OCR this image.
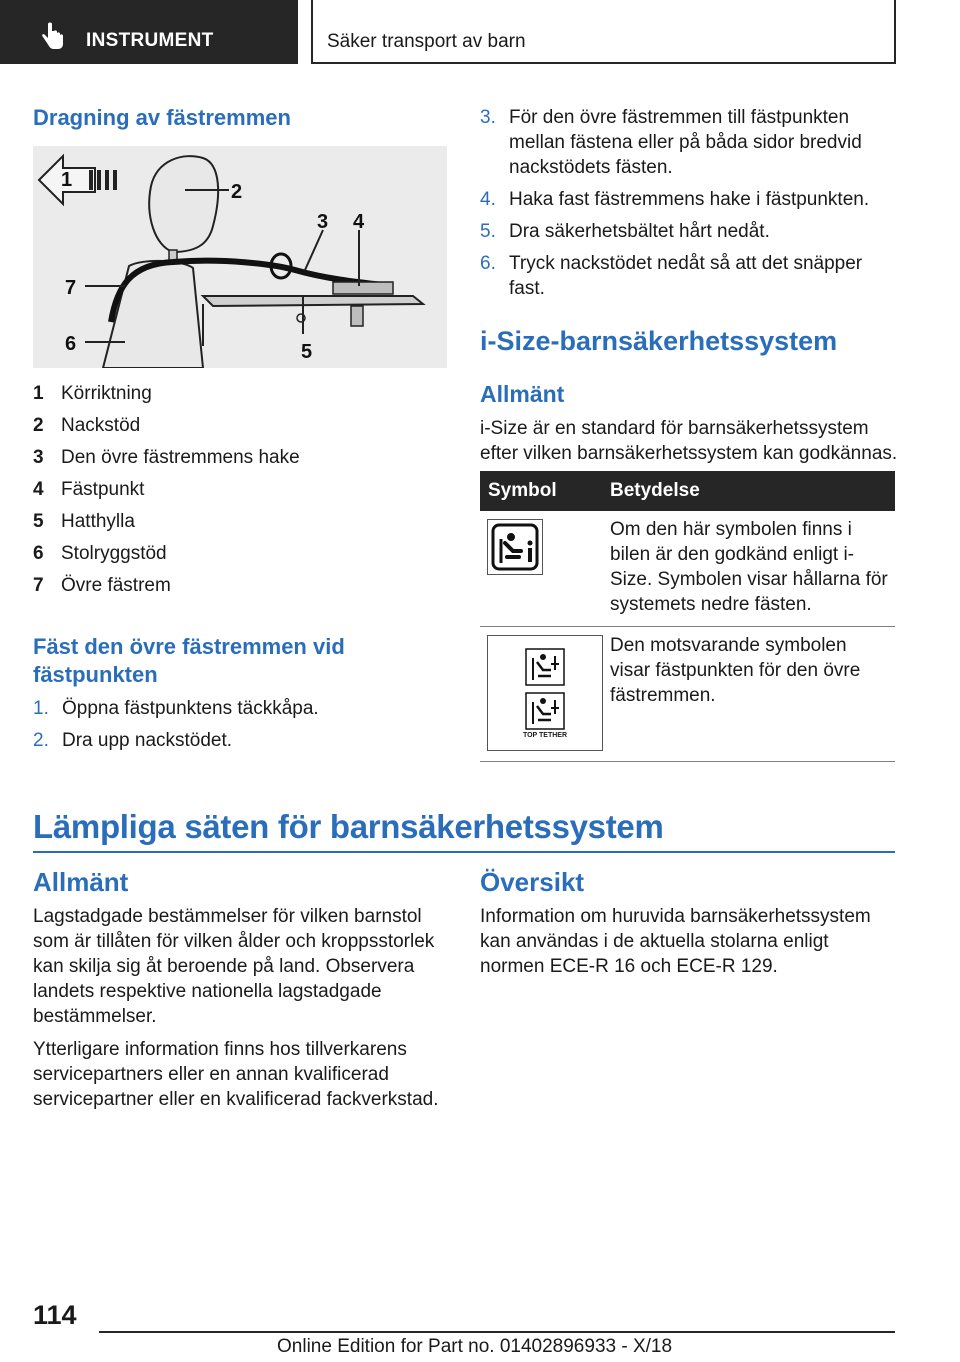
INSTRUMENT	Säker transport av barn
Dragning av fästremmen
1
2
3 4
5
6
7
1 Körriktning
2 Nackstöd
3 Den övre fästremmens hake
4 Fästpunkt
5 Hatthylla
6 Stolryggstöd
7 Övre fästrem
Fäst den övre fästremmen vid
fästpunkten
1. Öppna fästpunktens täckkåpa.
2. Dra upp nackstödet.
3. För den övre fästremmen till fästpunkten mellan fästena eller på båda sidor bredvid nackstödets fästen.
4. Haka fast fästremmens hake i fästpunkten.
5. Dra säkerhetsbältet hårt nedåt.
6. Tryck nackstödet nedåt så att det snäpper fast.
i-Size-barnsäkerhetssystem
Allmänt
i-Size är en standard för barnsäkerhetssystem efter vilken barnsäkerhetssystem kan godkännas.
Symbol	Betydelse
Om den här symbolen finns i bilen är den godkänd enligt i-Size. Symbolen visar hållarna för systemets nedre fästen.
TOP TETHER
Den motsvarande symbolen visar fästpunkten för den övre fästremmen.
Lämpliga säten för barnsäkerhetssystem
Allmänt
Lagstadgade bestämmelser för vilken barnstol som är tillåten för vilken ålder och kroppsstorlek kan skilja sig åt beroende på land. Observera landets respektive nationella lagstadgade bestämmelser.
Ytterligare information finns hos tillverkarens servicepartners eller en annan kvalificerad servicepartner eller en kvalificerad fackverkstad.
Översikt
Information om huruvida barnsäkerhetssystem kan användas i de aktuella stolarna enligt normen ECE-R 16 och ECE-R 129.
114
Online Edition for Part no. 01402896933 - X/18
